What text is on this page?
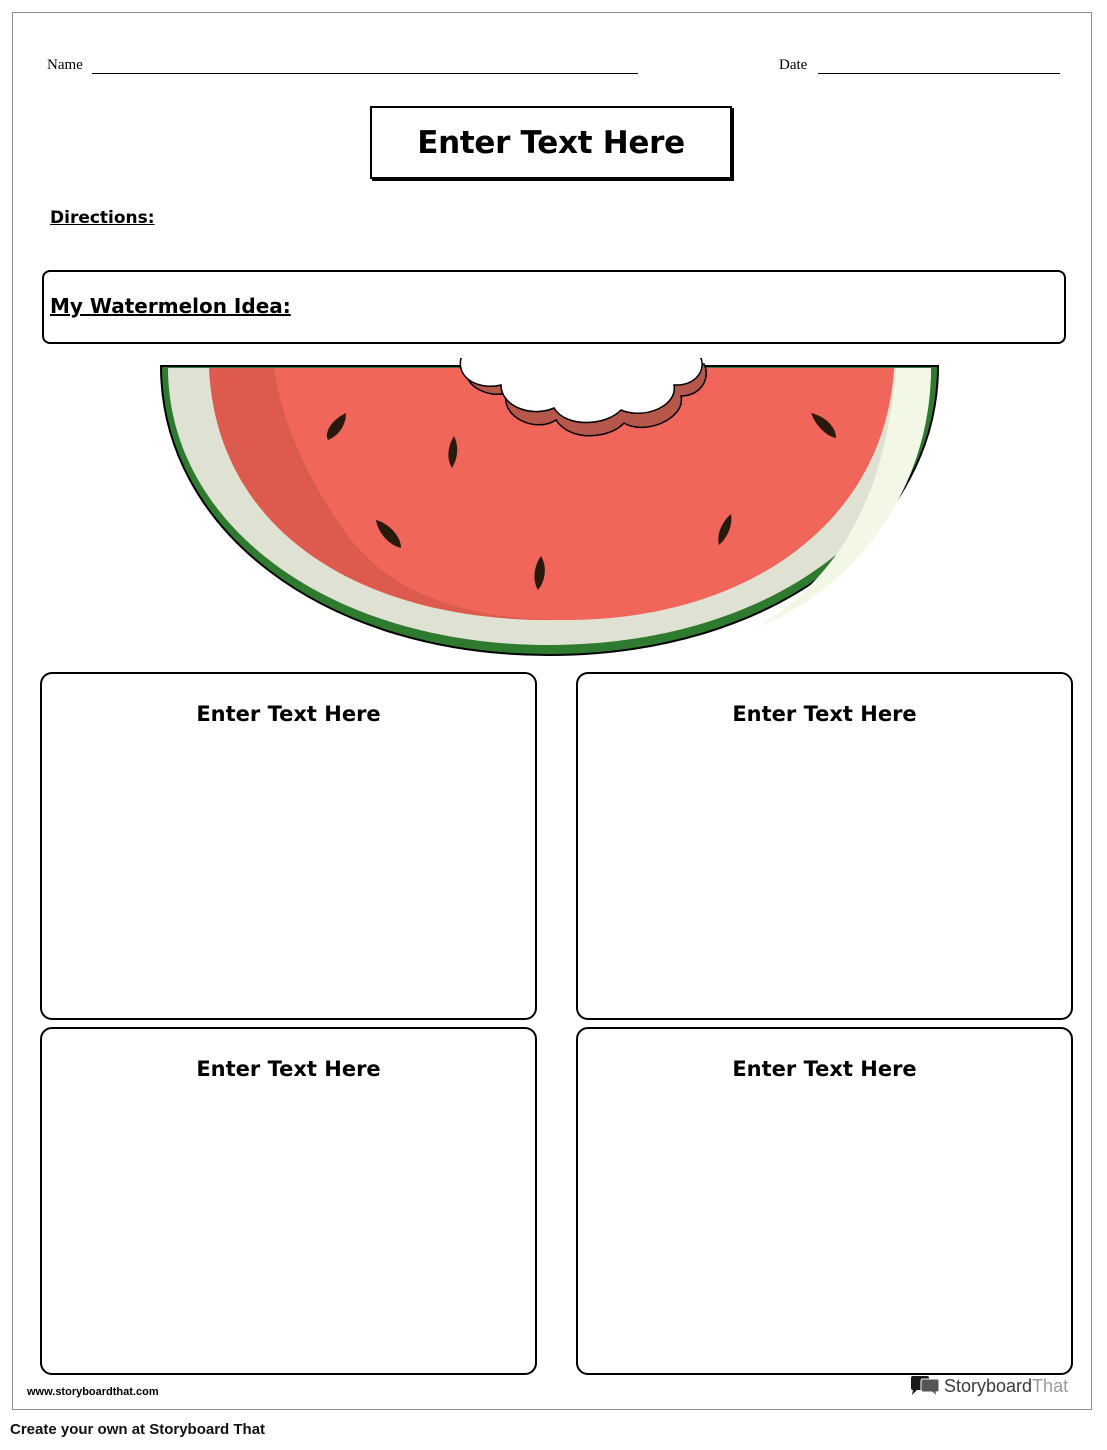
Name	Date
Enter Text Here
Directions:
My Watermelon Idea:
Enter Text Here	Enter Text Here
Enter Text Here	Enter Text Here
www.storyboardthat.com	StoryboardThat
Create your own at Storyboard That
